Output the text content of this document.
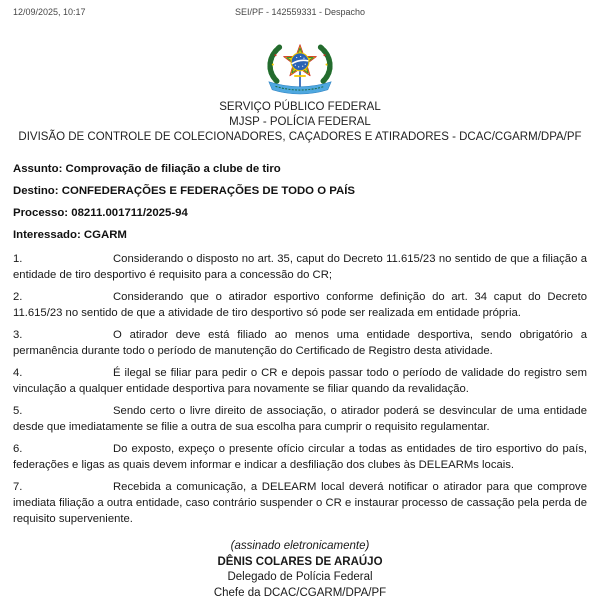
12/09/2025, 10:17	SEI/PF - 142559331 - Despacho
SERVIÇO PÚBLICO FEDERAL
MJSP - POLÍCIA FEDERAL
DIVISÃO DE CONTROLE DE COLECIONADORES, CAÇADORES E ATIRADORES - DCAC/CGARM/DPA/PF
Assunto: Comprovação de filiação a clube de tiro
Destino: CONFEDERAÇÕES E FEDERAÇÕES DE TODO O PAÍS
Processo: 08211.001711/2025-94
Interessado: CGARM
1.	Considerando o disposto no art. 35, caput do Decreto 11.615/23 no sentido de que a filiação a entidade de tiro desportivo é requisito para a concessão do CR;
2.	Considerando que o atirador esportivo conforme definição do art. 34 caput do Decreto 11.615/23 no sentido de que a atividade de tiro desportivo só pode ser realizada em entidade própria.
3.	O atirador deve está filiado ao menos uma entidade desportiva, sendo obrigatório a permanência durante todo o período de manutenção do Certificado de Registro desta atividade.
4.	É ilegal se filiar para pedir o CR e depois passar todo o período de validade do registro sem vinculação a qualquer entidade desportiva para novamente se filiar quando da revalidação.
5.	Sendo certo o livre direito de associação, o atirador poderá se desvincular de uma entidade desde que imediatamente se filie a outra de sua escolha para cumprir o requisito regulamentar.
6.	Do exposto, expeço o presente ofício circular a todas as entidades de tiro esportivo do país, federações e ligas as quais devem informar e indicar a desfiliação dos clubes às DELEARMs locais.
7.	Recebida a comunicação, a DELEARM local deverá notificar o atirador para que comprove imediata filiação a outra entidade, caso contrário suspender o CR e instaurar processo de cassação pela perda de requisito superveniente.
(assinado eletronicamente)
DÊNIS COLARES DE ARAÚJO
Delegado de Polícia Federal
Chefe da DCAC/CGARM/DPA/PF
